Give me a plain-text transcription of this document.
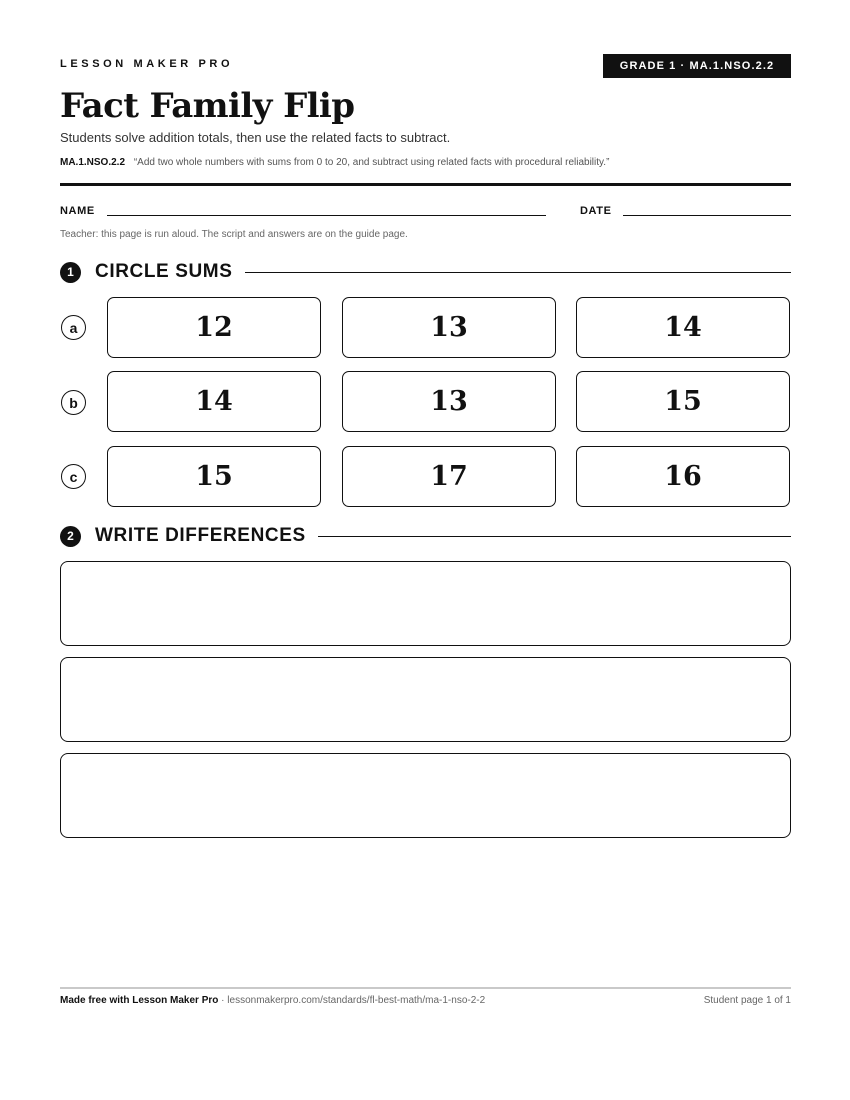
LESSON MAKER PRO	GRADE 1 · MA.1.NSO.2.2
Fact Family Flip
Students solve addition totals, then use the related facts to subtract.
MA.1.NSO.2.2 “Add two whole numbers with sums from 0 to 20, and subtract using related facts with procedural reliability.”
NAME	DATE
Teacher: this page is run aloud. The script and answers are on the guide page.
1	CIRCLE SUMS
a	12	13	14
b	14	13	15
c	15	17	16
2	WRITE DIFFERENCES
Made free with Lesson Maker Pro · lessonmakerpro.com/standards/fl-best-math/ma-1-nso-2-2	Student page 1 of 1
